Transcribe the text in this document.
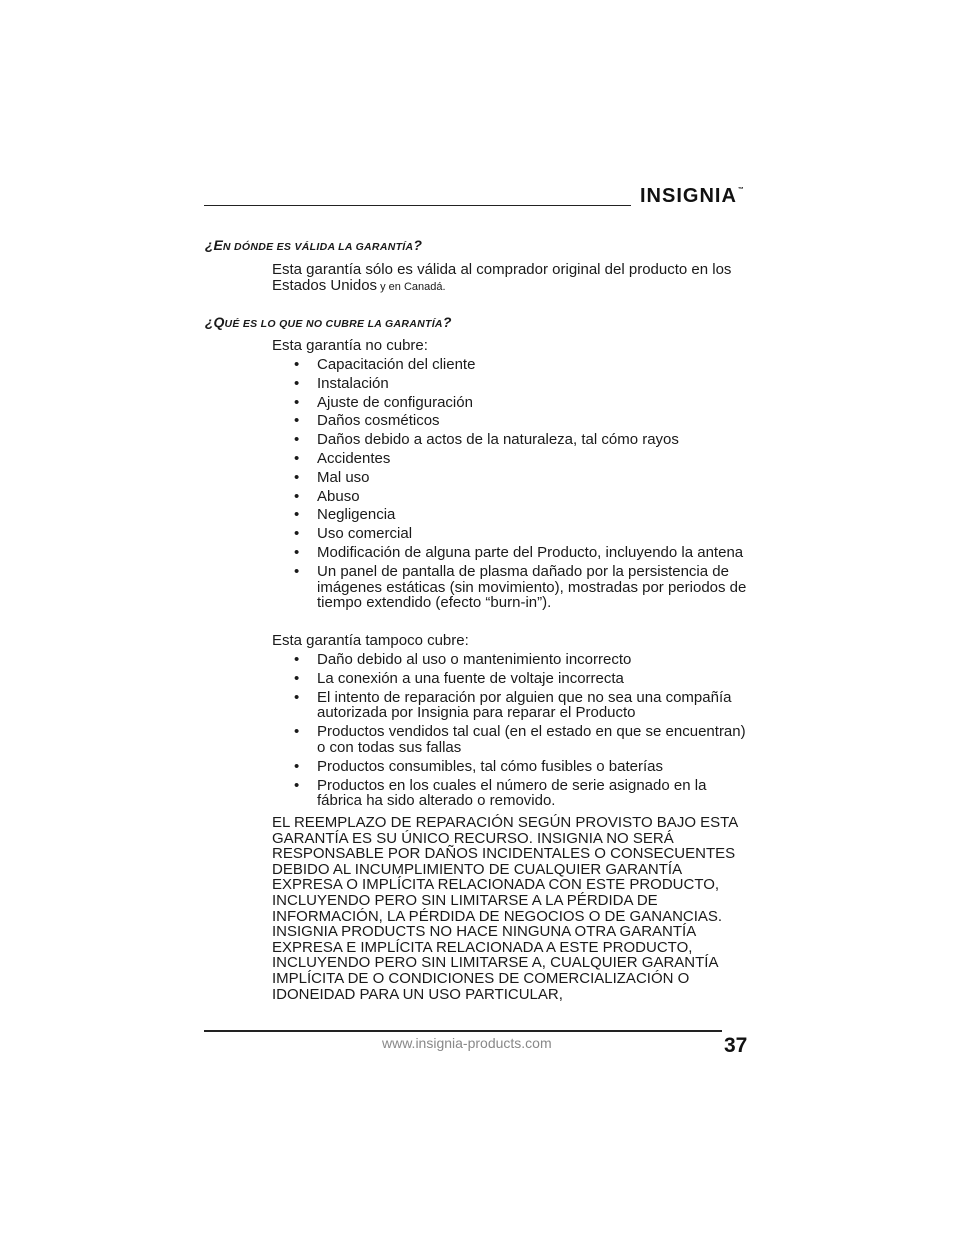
INSIGNIA™
¿EN DÓNDE ES VÁLIDA LA GARANTÍA?
Esta garantía sólo es válida al comprador original del producto en los Estados Unidos y en Canadá.
¿QUÉ ES LO QUE NO CUBRE LA GARANTÍA?
Esta garantía no cubre:
• Capacitación del cliente
• Instalación
• Ajuste de configuración
• Daños cosméticos
• Daños debido a actos de la naturaleza, tal cómo rayos
• Accidentes
• Mal uso
• Abuso
• Negligencia
• Uso comercial
• Modificación de alguna parte del Producto, incluyendo la antena
• Un panel de pantalla de plasma dañado por la persistencia de imágenes estáticas (sin movimiento), mostradas por periodos de tiempo extendido (efecto “burn-in”).
Esta garantía tampoco cubre:
• Daño debido al uso o mantenimiento incorrecto
• La conexión a una fuente de voltaje incorrecta
• El intento de reparación por alguien que no sea una compañía autorizada por Insignia para reparar el Producto
• Productos vendidos tal cual (en el estado en que se encuentran) o con todas sus fallas
• Productos consumibles, tal cómo fusibles o baterías
• Productos en los cuales el número de serie asignado en la fábrica ha sido alterado o removido.
EL REEMPLAZO DE REPARACIÓN SEGÚN PROVISTO BAJO ESTA GARANTÍA ES SU ÚNICO RECURSO. INSIGNIA NO SERÁ RESPONSABLE POR DAÑOS INCIDENTALES O CONSECUENTES DEBIDO AL INCUMPLIMIENTO DE CUALQUIER GARANTÍA EXPRESA O IMPLÍCITA RELACIONADA CON ESTE PRODUCTO, INCLUYENDO PERO SIN LIMITARSE A LA PÉRDIDA DE INFORMACIÓN, LA PÉRDIDA DE NEGOCIOS O DE GANANCIAS. INSIGNIA PRODUCTS NO HACE NINGUNA OTRA GARANTÍA EXPRESA E IMPLÍCITA RELACIONADA A ESTE PRODUCTO, INCLUYENDO PERO SIN LIMITARSE A, CUALQUIER GARANTÍA IMPLÍCITA DE O CONDICIONES DE COMERCIALIZACIÓN O IDONEIDAD PARA UN USO PARTICULAR,
www.insignia-products.com	37
